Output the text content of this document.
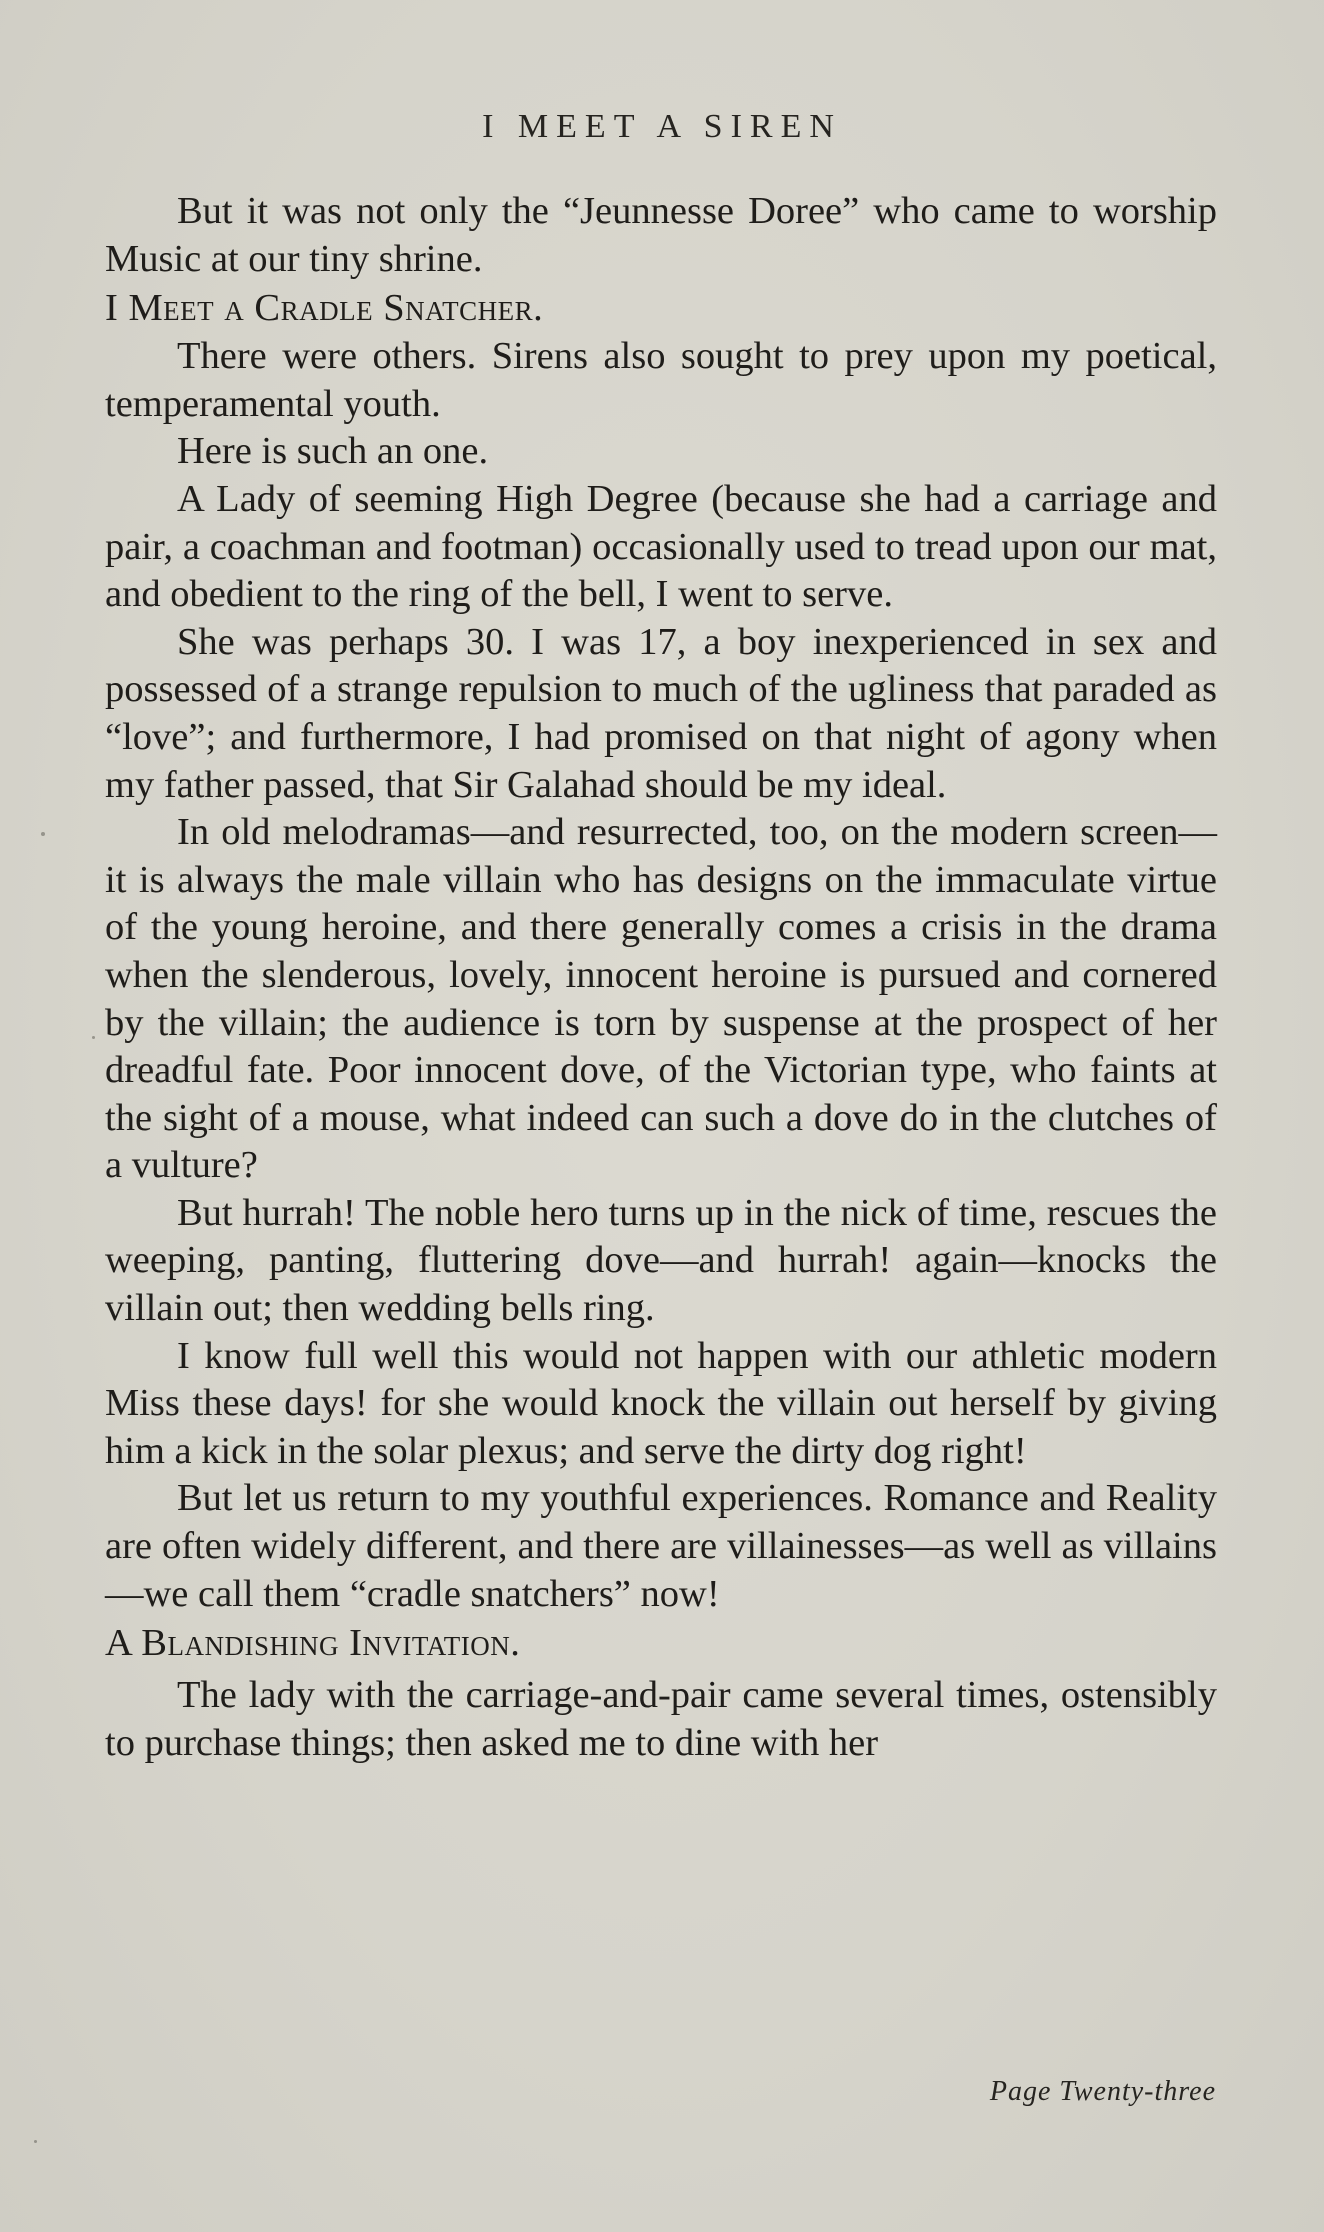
I MEET A SIREN

But it was not only the “Jeunnesse Doree” who came to worship Music at our tiny shrine.

I Meet a Cradle Snatcher.

There were others. Sirens also sought to prey upon my poetical, temperamental youth.

Here is such an one.

A Lady of seeming High Degree (because she had a carriage and pair, a coachman and footman) occasionally used to tread upon our mat, and obedient to the ring of the bell, I went to serve.

She was perhaps 30. I was 17, a boy inexperienced in sex and possessed of a strange repulsion to much of the ugliness that paraded as “love”; and furthermore, I had promised on that night of agony when my father passed, that Sir Galahad should be my ideal.

In old melodramas—and resurrected, too, on the modern screen—it is always the male villain who has designs on the immaculate virtue of the young heroine, and there generally comes a crisis in the drama when the slenderous, lovely, innocent heroine is pursued and cornered by the villain; the audience is torn by suspense at the prospect of her dreadful fate. Poor innocent dove, of the Victorian type, who faints at the sight of a mouse, what indeed can such a dove do in the clutches of a vulture?

But hurrah! The noble hero turns up in the nick of time, rescues the weeping, panting, fluttering dove—and hurrah! again—knocks the villain out; then wedding bells ring.

I know full well this would not happen with our athletic modern Miss these days! for she would knock the villain out herself by giving him a kick in the solar plexus; and serve the dirty dog right!

But let us return to my youthful experiences. Romance and Reality are often widely different, and there are villainesses—as well as villains—we call them “cradle snatchers” now!

A Blandishing Invitation.

The lady with the carriage-and-pair came several times, ostensibly to purchase things; then asked me to dine with her

Page Twenty-three
